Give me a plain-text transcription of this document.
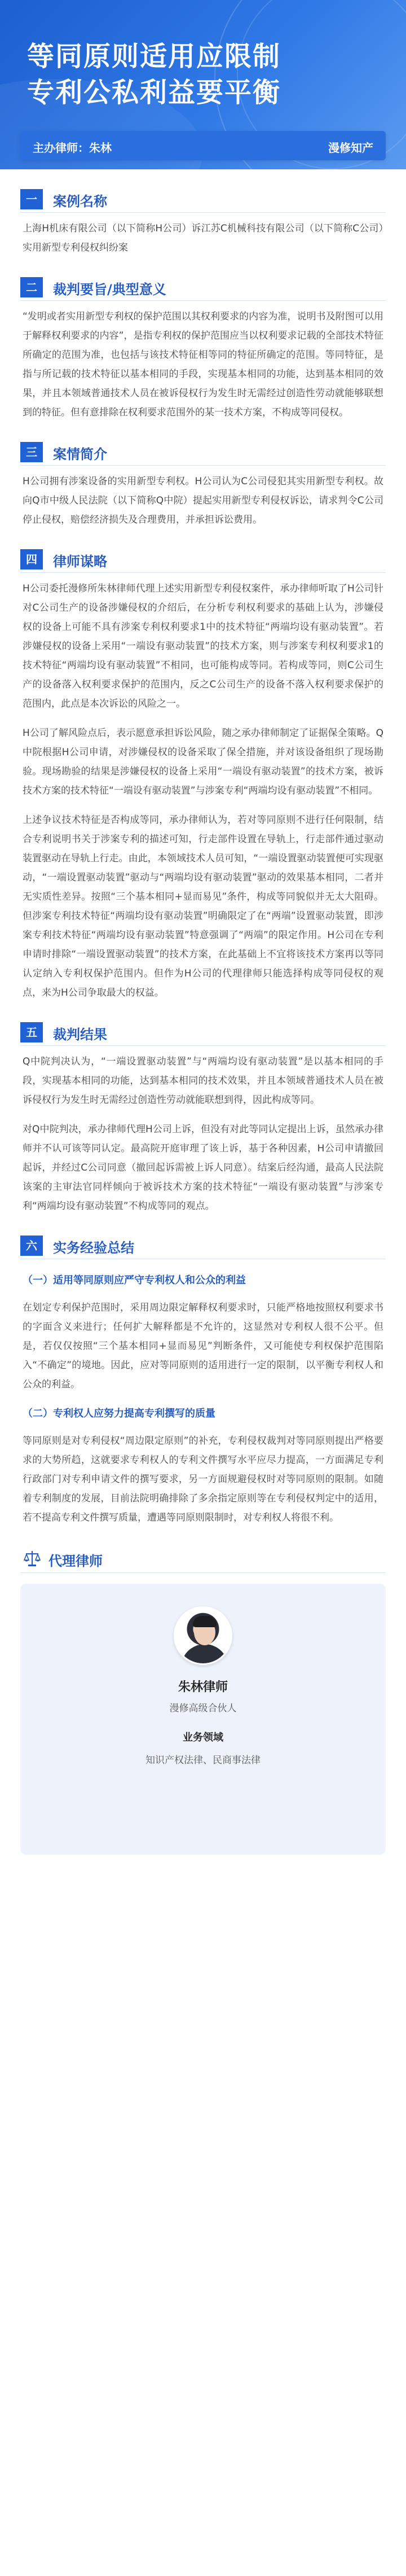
等同原则适用应限制
专利公私利益要平衡
主办律师：朱林	漫修知产
一	案例名称

上海H机床有限公司（以下简称H公司）诉江苏C机械科技有限公司（以下简称C公司）实用新型专利侵权纠纷案

二	裁判要旨/典型意义

“发明或者实用新型专利权的保护范围以其权利要求的内容为准，说明书及附图可以用于解释权利要求的内容”，是指专利权的保护范围应当以权利要求记载的全部技术特征所确定的范围为准，也包括与该技术特征相等同的特征所确定的范围。等同特征，是指与所记载的技术特征以基本相同的手段，实现基本相同的功能，达到基本相同的效果，并且本领域普通技术人员在被诉侵权行为发生时无需经过创造性劳动就能够联想到的特征。但有意排除在权利要求范围外的某一技术方案，不构成等同侵权。

三	案情简介

H公司拥有涉案设备的实用新型专利权。H公司认为C公司侵犯其实用新型专利权。故向Q市中级人民法院（以下简称Q中院）提起实用新型专利侵权诉讼，请求判令C公司停止侵权，赔偿经济损失及合理费用，并承担诉讼费用。

四	律师谋略

H公司委托漫修所朱林律师代理上述实用新型专利侵权案件，承办律师听取了H公司针对C公司生产的设备涉嫌侵权的介绍后，在分析专利权利要求的基础上认为，涉嫌侵权的设备上可能不具有涉案专利权利要求1中的技术特征“两端均设有驱动装置”。若涉嫌侵权的设备上采用“一端设有驱动装置”的技术方案，则与涉案专利权利要求1的技术特征“两端均设有驱动装置”不相同，也可能构成等同。若构成等同，则C公司生产的设备落入权利要求保护的范围内，反之C公司生产的设备不落入权利要求保护的范围内，此点是本次诉讼的风险之一。

H公司了解风险点后，表示愿意承担诉讼风险，随之承办律师制定了证据保全策略。Q中院根据H公司申请，对涉嫌侵权的设备采取了保全措施，并对该设备组织了现场勘验。现场勘验的结果是涉嫌侵权的设备上采用“一端设有驱动装置”的技术方案，被诉技术方案的技术特征“一端设有驱动装置”与涉案专利“两端均设有驱动装置”不相同。

上述争议技术特征是否构成等同，承办律师认为，若对等同原则不进行任何限制，结合专利说明书关于涉案专利的描述可知，行走部件设置在导轨上，行走部件通过驱动装置驱动在导轨上行走。由此，本领域技术人员可知，“一端设置驱动装置便可实现驱动，“一端设置驱动装置”驱动与“两端均设有驱动装置”驱动的效果基本相同，二者并无实质性差异。按照“三个基本相同+显而易见”条件，构成等同貌似并无太大阻碍。但涉案专利技术特征“两端均设有驱动装置”明确限定了在“两端”设置驱动装置，即涉案专利技术特征“两端均设有驱动装置”特意强调了“两端”的限定作用。H公司在专利申请时排除“一端设置驱动装置”的技术方案，在此基础上不宜将该技术方案再以等同认定纳入专利权保护范围内。但作为H公司的代理律师只能选择构成等同侵权的观点，来为H公司争取最大的权益。

五	裁判结果

Q中院判决认为，“一端设置驱动装置”与“两端均设有驱动装置”是以基本相同的手段，实现基本相同的功能，达到基本相同的技术效果，并且本领域普通技术人员在被诉侵权行为发生时无需经过创造性劳动就能联想到得，因此构成等同。

对Q中院判决，承办律师代理H公司上诉，但没有对此等同认定提出上诉，虽然承办律师并不认可该等同认定。最高院开庭审理了该上诉，基于各种因素，H公司申请撤回起诉，并经过C公司同意（撤回起诉需被上诉人同意）。结案后经沟通，最高人民法院该案的主审法官同样倾向于被诉技术方案的技术特征“一端设有驱动装置”与涉案专利“两端均设有驱动装置”不构成等同的观点。

六	实务经验总结
（一）适用等同原则应严守专利权人和公众的利益

在划定专利保护范围时，采用周边限定解释权利要求时，只能严格地按照权利要求书的字面含义来进行；任何扩大解释都是不允许的，这显然对专利权人很不公平。但是，若仅仅按照“三个基本相同+显而易见”判断条件，又可能使专利权保护范围陷入“不确定”的境地。因此，应对等同原则的适用进行一定的限制，以平衡专利权人和公众的利益。

（二）专利权人应努力提高专利撰写的质量

等同原则是对专利侵权“周边限定原则”的补充，专利侵权裁判对等同原则提出严格要求的大势所趋，这就要求专利权人的专利文件撰写水平应尽力提高，一方面满足专利行政部门对专利申请文件的撰写要求，另一方面规避侵权时对等同原则的限制。如随着专利制度的发展，目前法院明确排除了多余指定原则等在专利侵权判定中的适用，若不提高专利文件撰写质量，遭遇等同原则限制时，对专利权人将很不利。

代理律师
朱林律师
漫修高级合伙人
业务领域
知识产权法律、民商事法律
